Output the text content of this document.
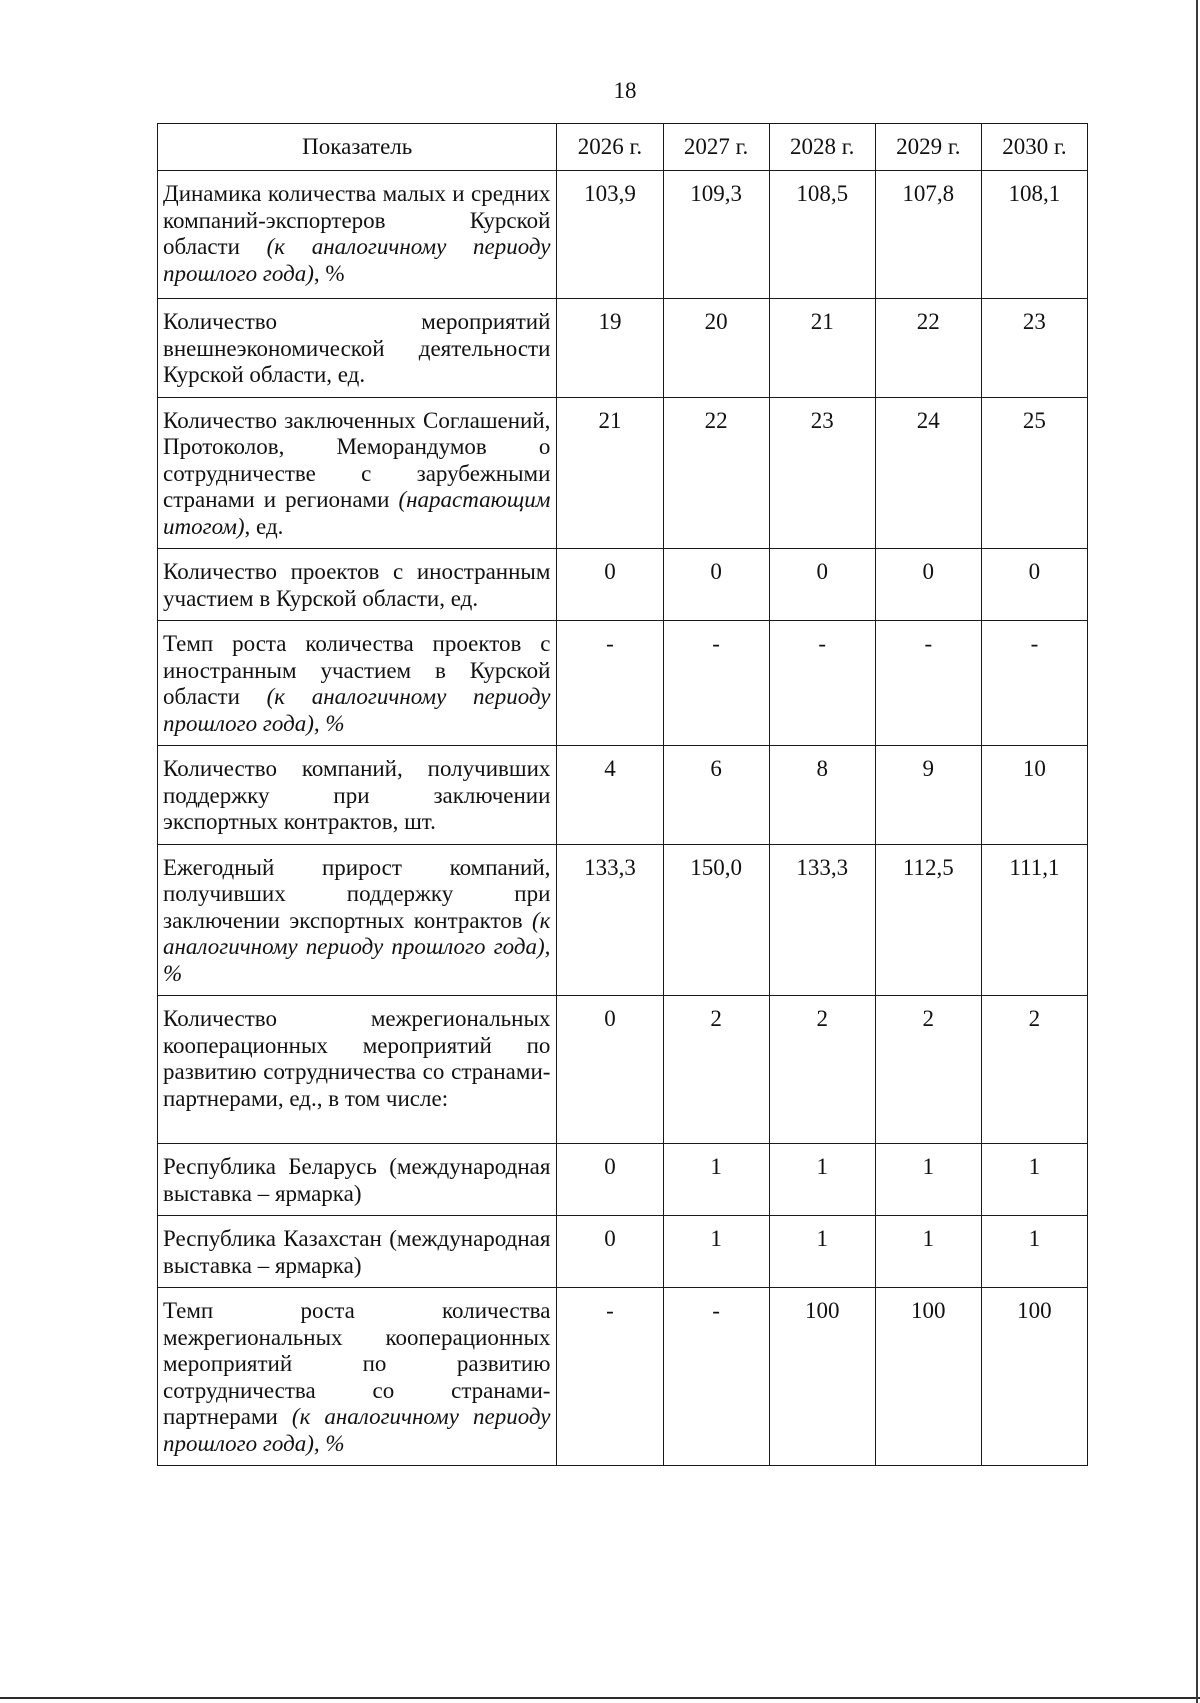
18
Показатель	2026 г.	2027 г.	2028 г.	2029 г.	2030 г.
Динамика количества малых и средних компаний-экспортеров Курской области (к аналогичному периоду прошлого года), %	103,9	109,3	108,5	107,8	108,1
Количество мероприятий внешнеэкономической деятельности Курской области, ед.	19	20	21	22	23
Количество заключенных Соглашений, Протоколов, Меморандумов о сотрудничестве с зарубежными странами и регионами (нарастающим итогом), ед.	21	22	23	24	25
Количество проектов с иностранным участием в Курской области, ед.	0	0	0	0	0
Темп роста количества проектов с иностранным участием в Курской области (к аналогичному периоду прошлого года), %	-	-	-	-	-
Количество компаний, получивших поддержку при заключении экспортных контрактов, шт.	4	6	8	9	10
Ежегодный прирост компаний, получивших поддержку при заключении экспортных контрактов (к аналогичному периоду прошлого года), %	133,3	150,0	133,3	112,5	111,1
Количество межрегиональных кооперационных мероприятий по развитию сотрудничества со странами-партнерами, ед., в том числе:	0	2	2	2	2
Республика Беларусь (международная выставка – ярмарка)	0	1	1	1	1
Республика Казахстан (международная выставка – ярмарка)	0	1	1	1	1
Темп роста количества межрегиональных кооперационных мероприятий по развитию сотрудничества со странами-партнерами (к аналогичному периоду прошлого года), %	-	-	100	100	100
